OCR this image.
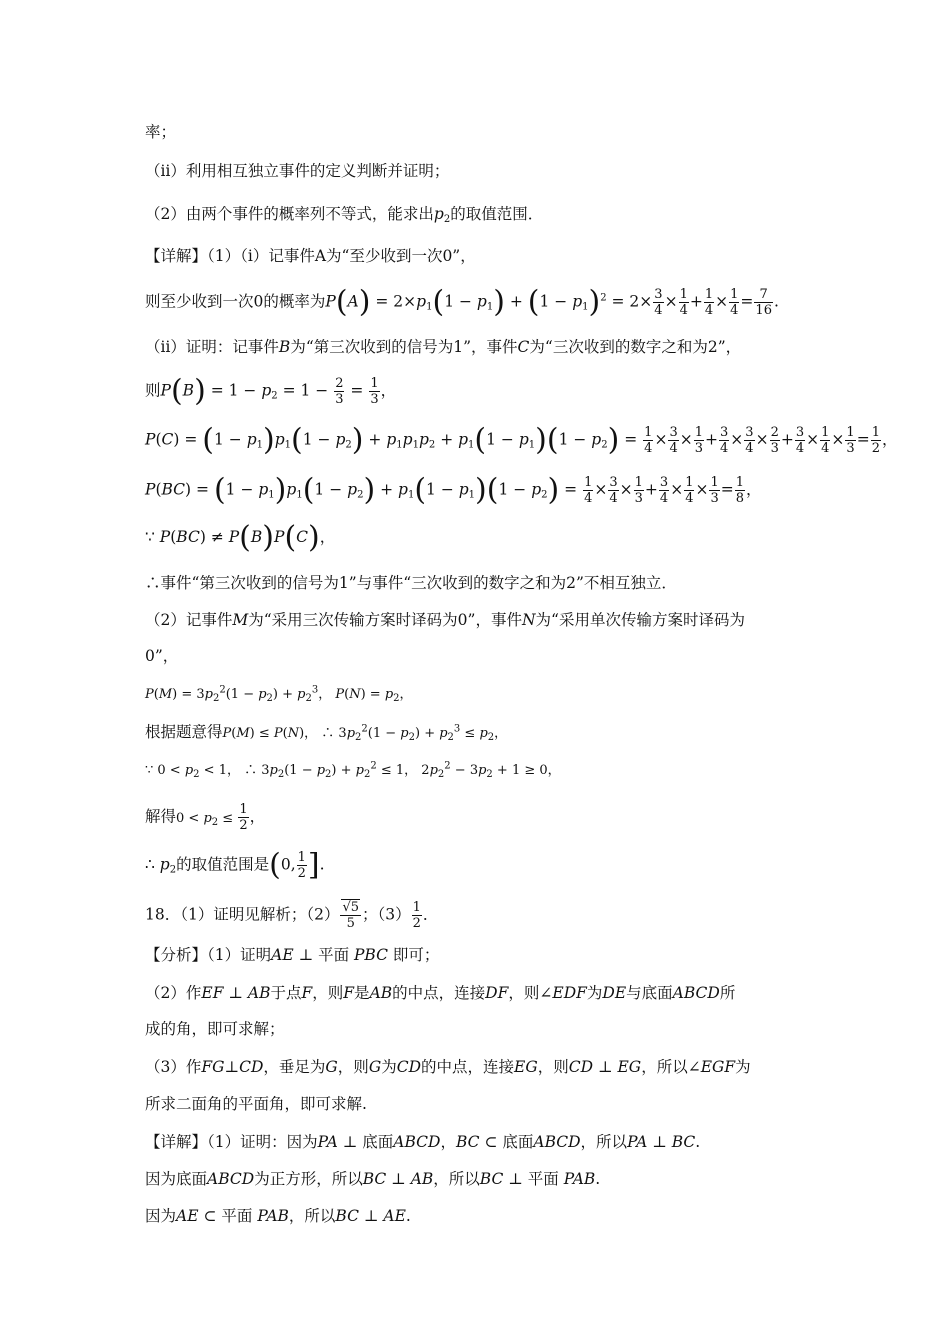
率；
（ⅱ）利用相互独立事件的定义判断并证明；
（2）由两个事件的概率列不等式，能求出$p_2$的取值范围．
【详解】（1）（ⅰ）记事件A为“至少收到一次0”，
则至少收到一次0的概率为$P(A) = 2\times p_1(1 - p_1) + (1 - p_1)^2 = 2\times \frac{3}{4} \times \frac{1}{4} + \frac{1}{4} \times \frac{1}{4} = \frac{7}{16}$ .
（ⅱ）证明：记事件B为“第三次收到的信号为1”，事件C为“三次收到的数字之和为2”，
则$P(B) = 1 - p_2 = 1 - \frac{2}{3} = \frac{1}{3}$ ，
$P(C) = (1 - p_1)p_1(1 - p_2) + p_1p_1p_2 + p_1(1 - p_1)(1 - p_2) = \frac{1}{4} \times \frac{3}{4} \times \frac{1}{3} + \frac{3}{4} \times \frac{3}{4} \times \frac{2}{3} + \frac{3}{4} \times \frac{1}{4} \times \frac{1}{3} = \frac{1}{2}$ ，
$P(BC) = (1 - p_1)p_1(1 - p_2) + p_1(1 - p_1)(1 - p_2) = \frac{1}{4} \times \frac{3}{4} \times \frac{1}{3} + \frac{3}{4} \times \frac{1}{4} \times \frac{1}{3} = \frac{1}{8}$ ，
∵ P(BC) ≠ P(B)P(C)，
∴事件“第三次收到的信号为1”与事件“三次收到的数字之和为2”不相互独立．
（2）记事件M为“采用三次传输方案时译码为0”，事件N为“采用单次传输方案时译码为
0”，
$P(M) = 3p_2^2(1 - p_2) + p_2^3$， $P(N) = p_2$，
根据题意得P(M) ≤ P(N)， ∴ $3p_2^2(1 - p_2) + p_2^3 \le p_2$，
∵ $0 < p_2 < 1$， ∴ $3p_2(1 - p_2) + p_2^2 \le 1$， $2p_2^2 - 3p_2 + 1 \ge 0$，
解得$0 < p_2 \le \frac{1}{2}$ ，
∴ $p_2$的取值范围是(0, $\frac{1}{2}$ ].
18．（1）证明见解析；$(2) \frac{√5}{5}$ ；$(3) \frac{1}{2}$ ．
【分析】（1）证明AE ⊥ 平面 PBC 即可；
（2）作EF ⊥ AB于点F，则F是AB的中点，连接DF，则∠EDF为DE与底面ABCD所
成的角，即可求解；
（3）作FG⊥CD，垂足为G，则G为CD的中点，连接EG，则CD ⊥ EG，所以∠EGF为
所求二面角的平面角，即可求解.
【详解】（1）证明：因为PA ⊥ 底面ABCD，BC ⊂ 底面ABCD，所以PA ⊥ BC.
因为底面ABCD为正方形，所以BC ⊥ AB，所以BC ⊥ 平面 PAB.
因为AE ⊂ 平面 PAB，所以BC ⊥ AE.
